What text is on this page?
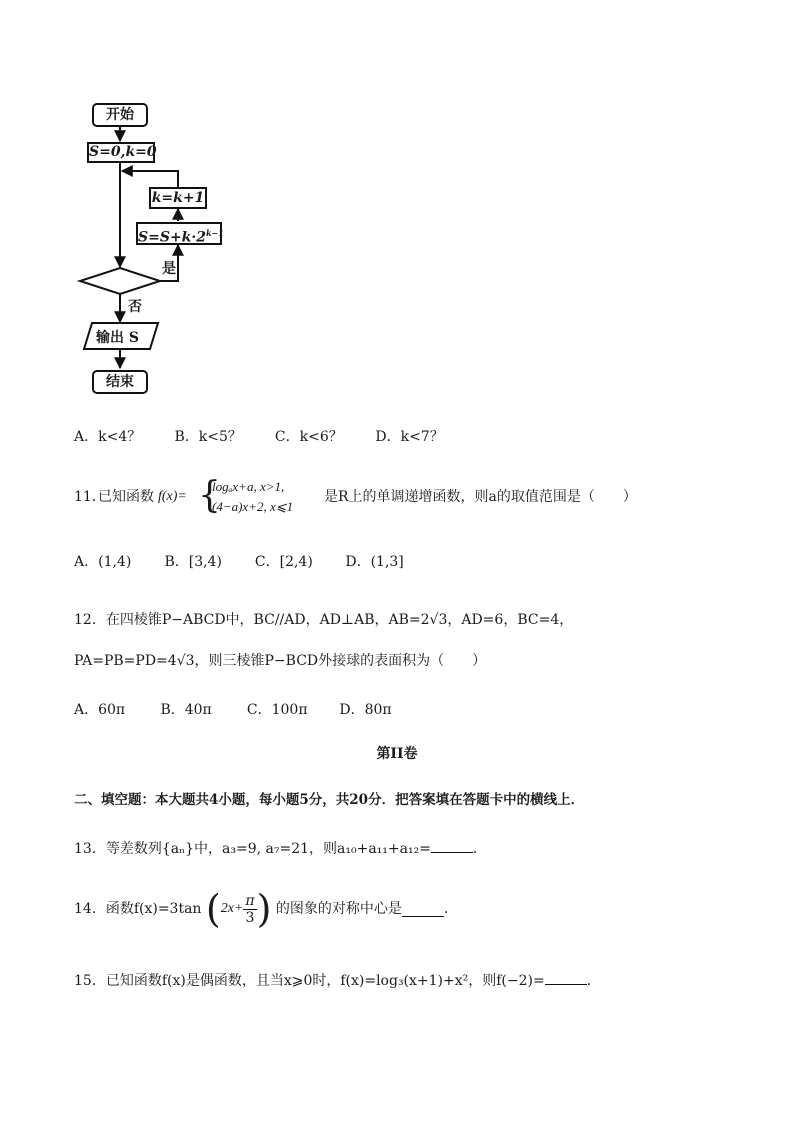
开始
S=0,k=0
k=k+1
$S=S+k\cdot 2^{k-1}$
是
否
输出 S
结束
A．k<4？ B．k<5？ C．k<6？ D．k<7？
11．
已知函数 f(x)= {
logₐx+a, x>1,
(4−a)x+2, x⩽1
是R上的单调递增函数，则a的取值范围是（　　）
A．(1,4) B．[3,4) C．[2,4) D．(1,3]
12．在四棱锥P−ABCD中，BC//AD，AD⊥AB，AB=2√3，AD=6，BC=4，
PA=PB=PD=4√3，则三棱锥P−BCD外接球的表面积为（　　）
A．60π	B．40π	C．100π D．80π
第II卷
二、填空题：本大题共4小题，每小题5分，共20分．把答案填在答题卡中的横线上．
13．等差数列{aₙ}中，a₃=9, a₇=21，则a₁₀+a₁₁+a₁₂=	．
14．函数f(x)=3tan ($2x+ \frac{\pi}{3}$ ) 的图象的对称中心是	．
15．已知函数f(x)是偶函数，且当x⩾0时，f(x)=log₃(x+1)+x²，则f(−2)=	．
